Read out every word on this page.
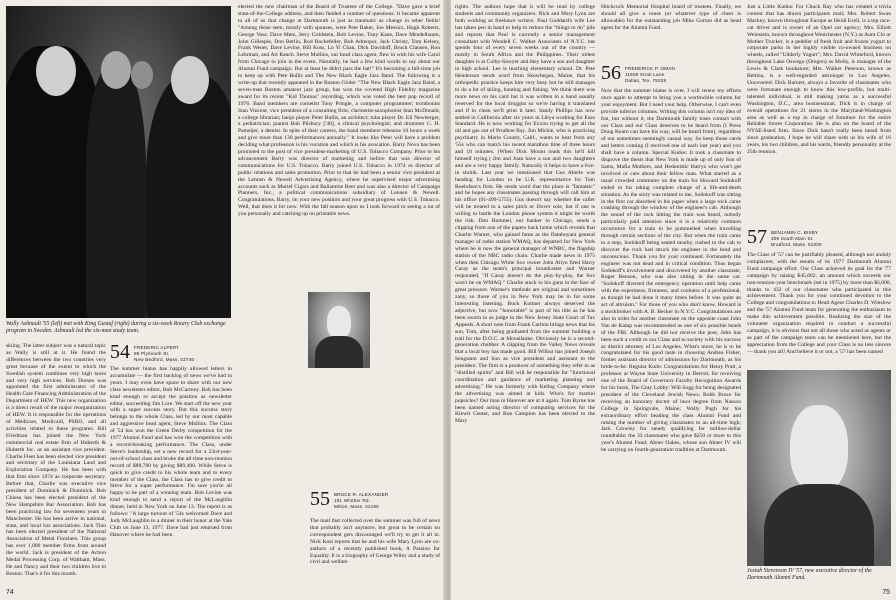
Wally Ashnault '55 (left) met with King Gustaf (right) during a six-week Rotary Club exchange program in Sweden. Ashnault led the six-man study team.
skiing. The latter subject was a natural topic as Wally is still at it. He found the differences between the two countries very great because of the extent to which the Swedish system combines very high taxes and very high services. Bob Dorsen was appointed the first administrator of the Health Care Financing Administration of the Department of HEW. This new organization is a direct result of the major reorganization of HEW. It is responsible for the operations of Medicare, Medicaid, PSRO, and all activities related to these programs. Bill Friedman has joined the New York commercial real estate firm of Huberth & Huberth Inc. as an assistant vice president. Charlie Fleet has been elected vice president and secretary of the Louisiana Land and Exploration Company. He has been with that firm since 1974 as corporate secretary. Before that, Charlie was executive vice president of Dominick & Dominick. Bob Chiesa has been elected president of the New Hampshire Bar Association. Bob has been practicing law for seventeen years in Manchester. He has been active in national, state, and local bar associations. Jack Thin has been elected president of the National Association of Metal Finishers. This group has over 1,000 member firms from around the world. Jack is president of the Action Medal Processing Corp. of Waltham, Mass. He and Nancy and their two children live in Boston. That's it for this month.
54 FREDERIC ALPERT
95 Plymouth St.
New Bedford, Mass. 02740
The summer hiatus has happily allowed letters to accumulate — the first backlog of news we've had in years. I may even have space to share with our new class newsletter editor, Bob McCartney. Bob has been kind enough to accept the position as newsletter editor, succeeding Jim Lore. We start off the new year with a super success story. But this success story belongs to the whole Class, led by our most capable and aggressive head agent, Steve Mullins. The Class of '54 has won the Green Derby competition for the 1977 Alumni Fund and has won the competition with a record-breaking performance. The Class, under Steve's leadership, set a new record for a 23rd-year-out-of-school class and broke the all-time non-reunion record of $88,700 by giving $89,400. While Steve is quick to give credit to his whole team and to every member of the Class, the Class has to give credit to Steve for a super performance. I'm sure you're all happy to be part of a winning team. Bob Levine was kind enough to send a report of the McLaughlin dinner, held in New York on June 13. The report is as follows: "A large turnout of '54s welcomed Dave and Judy McLaughlin to a dinner in their honor at the Yale Club on June 13, 1977. Dave had just returned from Hanover where he had been
elected the new chairman of the Board of Trustees of the College. "Dave gave a brief state-of-the-College address, and then fielded a number of questions. It became apparent to all of us that change at Dartmouth is just as traumatic as change in other fields! "Among those seen, mostly with spouses, were Pete Baker, Joe Messics, Hugh Roberts, George Voss, Dave Metz, Jerry Goldstein, Bob Levine, Tony Kane, Dave Mendelbaum, John Gillespie, Don Berlin, Rod Rockefeller, Bob Adreopur, Jack Christy, Tom Kelsey, Frank Wener, Dave Levine, Bill Koss, Lo Yi Chan, Dick Davidoff, Bruck Clausen, Ron Lehrman, and Art Rauch. Steve Mullins, our head class agent, flew in with his wife Carol from Chicago to join in the event. Naturally, he had a few kind words to say about our Alumni Fund campaign. But at least he didn't pass the hat!" It's becoming a full-time job to keep up with Pete Bullis and The New Black Eagle Jazz Band. The following is a write-up that recently appeared in the Boston Globe: "The New Black Eagle Jazz Band, a seven-man Boston amateur jazz group, has won the coveted High Fidelity magazine award for its recent "Kid Thomas" recording, which was voted the best pop record of 1976. Band members are cornetist Tony Pringle, a computer programmer; trombonist Stan Vincent, vice president of a consulting firm; clarinetist-saxophonist Stan McDonald, a college librarian; banjo player Peter Bullis, an architect; tuba player Dr. Eli Newberger, a pediatrician; pianist Bob Pilsbury ['48], a clinical psychologist; and drummer C. H. Pameijer, a dentist. In spite of their careers, the band members rehearse 10 hours a week and give more than 130 performances annually." It looks like Peter will have a problem deciding what profession is his vocation and which is his avocation. Barry Nova has been promoted to the post of vice president-marketing of U.S. Tobacco Company. Prior to his advancement Barry was director of marketing and before that was director of communications for U.S. Tobacco. Barry joined U.S. Tobacco in 1974 as director of public relations and sales promotion. Prior to that he had been a senior vice president at the Lennen & Newell Advertising Agency, where he supervised major advertising accounts such as Muriel Cigars and Ballantine Beer and was also a director of Campaign Planners, Inc., a political communications subsidiary of Lennen & Newell. Congratulations, Barry, on your new position and your great progress with U.S. Tobacco. Well, that does it for now. With the fall season upon us I look forward to seeing a lot of you personally and catching up on printable news.
55 BRUCE R. ALEXANDER
161 Whittier Rd.
Milton, Mass. 02186
The mail that collected over the summer was full of news that probably isn't anymore, but great to be certain no correspondent gets discouraged we'll try to get it all in. Nick Kost reports that he and his wife Mary Lynn are co-authors of a recently published book, A Passion for Equality. It is a biography of George Wiley and a study of civil and welfare
74
rights. The authors hope that it will be read by college students and community organizers. Nick and Mary Lynn are both working as freelance writers. Paul Goddard's wife Lee has taken pen in hand to help to reduce the "things to do" pile and reports that Paul is currently a senior management consultant with Wendell C. Walker Associates of N.Y.C. but spends four of every seven weeks out of the country — mostly in South Africa and the Philippines. Their oldest daughter is at Colby-Sawyer and they have a son and daughter in high school. Lee is teaching elementary school. Dr. Pete Henderson sends word from Skowhegan, Maine, that his orthopedic practice keeps him very busy but he still manages to do a lot of skiing, hunting and fishing. We think there was more news on his card but it was written in a hand usually reserved for the local druggist so we're having it translated and if in clean we'll print it later. Sandy Phillips has now settled in California after six years in Libya working for Esso Standard. He is now working for Exxon trying to get all the oil and gas out of Prudhoe Bay. Jim Mickle, who is practicing psychiatry in Marin County, Calif., wants to hear from any '55s who can match his recent marathon time of three hours and 18 minutes. (When Dick Mount reads this he'll kill himself trying.) Jim and Joan have a son and two daughters and are a very happy family. Naturally it helps to have a live-in shrink. Last year we mentioned that Gus Aberle was heading for London to be U.K. representative for Tom Roelofsen's firm. He sends word that the place is "fantastic" and he hopes any classmates passing through will call him at his office (01-499-5755). Gus doesn't say whether the caller will be treated to a sales pitch or Dover sole, but if one is willing to battle the London phone system it might be worth the risk. Don Hummel, our banker in Chicago, sends a clipping from one of the papers back home which reveals that Charlie Warner, who gained fame as the flamboyant general manager of radio station WMAQ, has departed for New York where he is now the general manager of WNBC, the flagship station of the NBC radio chain. Charlie made news in 1975 when then Chicago White Sox owner John Allyn fired Harry Caray as the team's principal broadcaster and Warner responded, "If Caray doesn't do the play-by-play, the Sox won't be on WMAQ." Charlie stuck to his guns in the face of great pressure. Warner's methods are original and sometimes zany, so those of you in New York may be in for some interesting listening. Buck Kuttner always deserved the adjective, but now "honorable" is part of his title as he has been sworn in as judge in the New Jersey State Court of Tax Appeals. A short note from Frank Carlton brings news that his son, Tom, after being graduated from the summer building a trail for the D.O.C. at Moosilauke. Obviously he is a second-generation chubber. A clipping from the Valley News reveals that a local boy has made good. Bill Wilbur has joined Joseph Sengstam and Son as vice president and assistant to the president. The firm is a producer of something they refer to as "distilled spirits" and Bill will be responsible for "functional coordination and guidance of marketing planning and advertising." He was formerly with Kellog Company where the advertising was aimed at kids. Who's for martini popsicles? Our man in Hanover are at it again. Tom Byrne has been named acting director of computing services for the Kiewit Center, and Ron Campion has been elected to the Mary
Hitchcock Memorial Hospital board of trustees. Finally, we should all give a rouse (or whatever type of cheer is allowable) for the outstanding job Mike Gorton did as head agent for the Alumni Fund.
56 FREDERICK P. OMAN
11508 Strait Lane
Dallas, Tex. 75229
Now that the summer hiatus is over, I will renew my efforts once again to attempt to bring you a worthwhile column for your enjoyment. But I need your help. Otherwise, I can't even provide inferior columns. Writing this column isn't my idea of fun, but without it, the Dartmouth family loses contact with our Class and our Class deserves to be heard from (I Press Doug Kearn can have his way, will be heard from), regardless of our sometimes seemingly casual way. So keep those cards and letters coming (I received one of each last year) and you shall have a column. Special Kudos: It took a classmate to disprove the thesis that New York is made up of only Son of Sams, Mafia Mothers, and Hedonistic Harrys who won't get involved or care about their fellow man. What started as a usual crowded commuter on the train for Howard Sodokoff ended in his taking complete charge of a life-and-death situation. As the story was related to me, Sodokoff was sitting in the first car absorbed in his paper when a large rock came crashing through the window of the engineer's cab. Although the sound of the rock hitting the train was heard, nobody particularly paid attention since it is a relatively common occurrence for a train to be pummelled when travelling through certain sections of the city. But when the train came to a stop, Sodokoff being seated nearby, rushed to the cab to discover the rock had struck the engineer in the head and unconscious. Thank you for your continued. Fortunately the engineer was not dead and in critical condition. Thus began Sodokoff's involvement and discovered by another classmate, Roger Benson, who was also sitting in the same car. "Sodokoff directed the emergency operation until help came with the expertness, firmness, and coolness of a professional, as though he had done it many times before. It was quite an act of altruism." For those of you who don't know, Howard is a stockbroker with A. B. Becker in N.Y.C. Congratulations are also in order for another classmate on the opposite coast John Van de Kamp was recommended as one of six possible heads of the FBI. Although he did not receive the post, John has been such a credit to our Class and to society with his success as district attorney of Los Angeles. What's more, he is to be congratulated for his good taste in choosing Andrea Fisher, former assistant director of admissions for Dartmouth, as his bride-to-be. Regular Kudo: Congratulations for Henry Pratt, a professor at Wayne State University in Detroit, for receiving one of the Board of Governors Faculty Recognition Awards for his book, The Gray Lobby: Will Sogg for being designated president of the Cleveland Jewish News; Robb Bruce for receiving an honorary doctor of laws degree from Nasson College in Springvale, Maine; Wally Pugh for his extraordinary effort heading the class Alumni Fund and raising the number of giving classmates to an all-time high; Jack Crowley for steady qualifying for million-dollar roundtable; the 33 classmates who gave $250 or more to this year's Alumni Fund; Abner Oakes, whose son Abner IV will be carrying on fourth-generation tradition at Dartmouth.
Just a Little Kudos: For Chuck Ray who has created a trivia contest that has drawn participants mail; Mrs. Robert Swan Mackey, known throughout Europe as Heidi Ezell, is a top race-car driver and is owner of an Opel car agency; Mrs. Elliott Weinstein, known throughout Westchester (N.Y.) as Aunt Clo or Mother Trucker, is a peddler of fresh fruit and frozen yogurt to corporate parks in her highly visible co-owned business on wheels, called "Udderly Yogurt"; Mrs. David Whiteford, known throughout Lake Oswego (Oregon) as Molly, is manager of the Lewis & Clark bookstore; Mrs. Walker Peterson, known as Bettina, is a well-regarded astrologer in Los Angeles. Uncovered: Dick Barnett, always a favorite of classmates who were fortunate enough to know this low-profile, but multi-talented individual, is still making yarns as a successful Washington, D.C., area businessman. Dick is in charge of overall operations for 21 stores in the Maryland-Washington area as well as a top in charge of furniture for the entire Reliable Stores Corporation. He is also on the board of the NYSE-listed firm. Since Dick hasn't really been heard from since graduation, I hope he will share with us his wife of 16 years, his two children, and his warm, friendly personality at the 25th reunion.
57 BENJAMIN C. BIXBY
309 South Main St.
Bradford, Mass. 01830
The Class of '57 can be justifiably pleased, although not unduly complacent, with the results of its 1977 Dartmouth Alumni Fund campaign effort. Our Class achieved its goal for the '77 campaign by raising $45,682, an amount which exceeds our non-reunion-year benchmark (set in 1975) by more than $6,000, thanks to 432 of our classmates who participated in this achievement. Thank you for your continued devotion to the College and congratulations to Head Agent Charles D. Winslow and the '57 Alumni Fund team for generating the enthusiasm to make this achievement possible. Realizing the size of the volunteer organization required to conduct a successful campaign, it is obvious that not all those who acted as agents or as part of the campaign team can be mentioned here, but the appreciation from the College and your Class is no less sincere — thank you all! And believe it or not, a '57 has been named
Josiah Stevenson IV '57, new executive director of the Dartmouth Alumni Fund.
75
